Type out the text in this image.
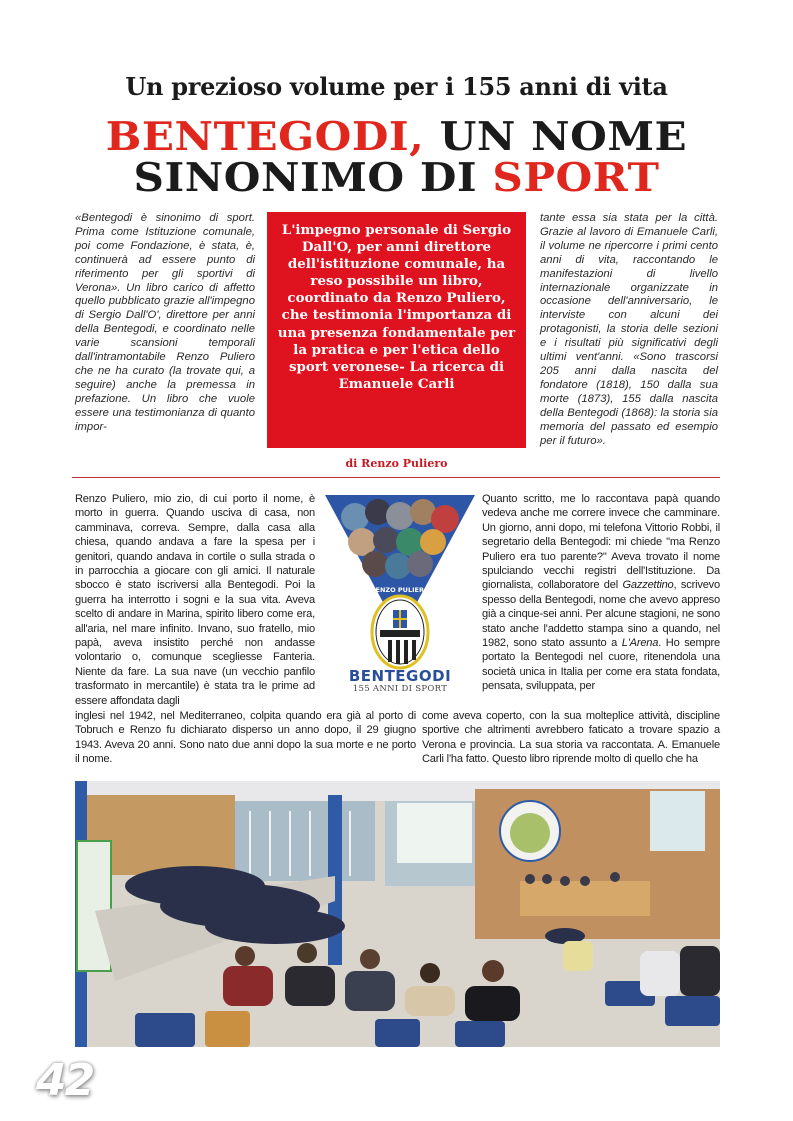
Un prezioso volume per i 155 anni di vita
BENTEGODI, UN NOME
SINONIMO DI SPORT
«Bentegodi è sinonimo di sport. Prima come Istituzione comunale, poi come Fondazione, è stata, è, continuerà ad essere punto di riferimento per gli sportivi di Verona». Un libro carico di affetto quello pubblicato grazie all'impegno di Sergio Dall'O', direttore per anni della Bentegodi, e coordinato nelle varie scansioni temporali dall'intramontabile Renzo Puliero che ne ha curato (la trovate qui, a seguire) anche la premessa in prefazione. Un libro che vuole essere una testimonianza di quanto impor-
L'impegno personale di Sergio Dall'O, per anni direttore dell'istituzione comunale, ha reso possibile un libro, coordinato da Renzo Puliero, che testimonia l'importanza di una presenza fondamentale per la pratica e per l'etica dello sport veronese- La ricerca di Emanuele Carli
tante essa sia stata per la città. Grazie al lavoro di Emanuele Carli, il volume ne ripercorre i primi cento anni di vita, raccontando le manifestazioni di livello internazionale organizzate in occasione dell'anniversario, le interviste con alcuni dei protagonisti, la storia delle sezioni e i risultati più significativi degli ultimi vent'anni. «Sono trascorsi 205 anni dalla nascita del fondatore (1818), 150 dalla sua morte (1873), 155 dalla nascita della Bentegodi (1868): la storia sia memoria del passato ed esempio per il futuro».
di Renzo Puliero
Renzo Puliero, mio zio, di cui porto il nome, è morto in guerra. Quando usciva di casa, non camminava, correva. Sempre, dalla casa alla chiesa, quando andava a fare la spesa per i genitori, quando andava in cortile o sulla strada o in parrocchia a giocare con gli amici. Il naturale sbocco è stato iscriversi alla Bentegodi. Poi la guerra ha interrotto i sogni e la sua vita. Aveva scelto di andare in Marina, spirito libero come era, all'aria, nel mare infinito. Invano, suo fratello, mio papà, aveva insistito perché non andasse volontario o, comunque scegliesse Fanteria. Niente da fare. La sua nave (un vecchio panfilo trasformato in mercantile) è stata tra le prime ad essere affondata dagli
inglesi nel 1942, nel Mediterraneo, colpita quando era già al porto di Tobruch e Renzo fu dichiarato disperso un anno dopo, il 29 giugno 1943. Aveva 20 anni. Sono nato due anni dopo la sua morte e ne porto il nome.
Quanto scritto, me lo raccontava papà quando vedeva anche me correre invece che camminare. Un giorno, anni dopo, mi telefona Vittorio Robbi, il segretario della Bentegodi: mi chiede "ma Renzo Puliero era tuo parente?" Aveva trovato il nome spulciando vecchi registri dell'Istituzione. Da giornalista, collaboratore del Gazzettino, scrivevo spesso della Bentegodi, nome che avevo appreso già a cinque-sei anni. Per alcune stagioni, ne sono stato anche l'addetto stampa sino a quando, nel 1982, sono stato assunto a L'Arena. Ho sempre portato la Bentegodi nel cuore, ritenendola una società unica in Italia per come era stata fondata, pensata, sviluppata, per
come aveva coperto, con la sua molteplice attività, discipline sportive che altrimenti avrebbero faticato a trovare spazio a Verona e provincia. La sua storia va raccontata. A. Emanuele Carli l'ha fatto. Questo libro riprende molto di quello che ha
RENZO PULIERO
BENTEGODI
155 ANNI DI SPORT
42
